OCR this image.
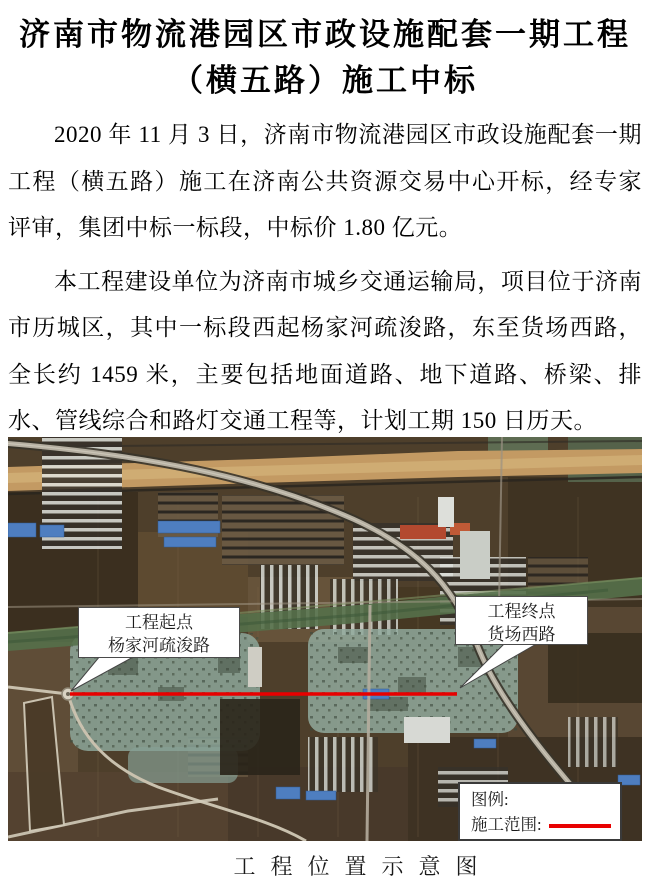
济南市物流港园区市政设施配套一期工程
（横五路）施工中标

2020 年 11 月 3 日，济南市物流港园区市政设施配套一期工程（横五路）施工在济南公共资源交易中心开标，经专家评审，集团中标一标段，中标价 1.80 亿元。

本工程建设单位为济南市城乡交通运输局，项目位于济南市历城区，其中一标段西起杨家河疏浚路，东至货场西路，全长约 1459 米，主要包括地面道路、地下道路、桥梁、排水、管线综合和路灯交通工程等，计划工期 150 日历天。

工程起点
杨家河疏浚路
工程终点
货场西路
图例:
施工范围:
工程位置示意图
